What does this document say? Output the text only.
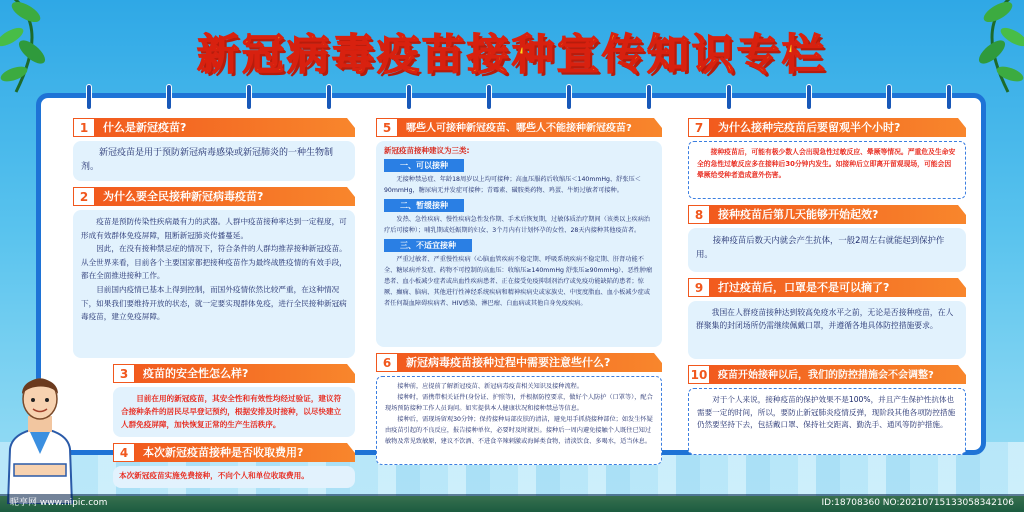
新冠病毒疫苗接种宣传知识专栏
1	什么是新冠疫苗?

新冠疫苗是用于预防新冠病毒感染或新冠肺炎的一种生物制剂。

2	为什么要全民接种新冠病毒疫苗?

疫苗是预防传染性疾病最有力的武器。人群中疫苗接种率达到一定程度，可形成有效群体免疫屏障，阻断新冠肺炎传播蔓延。

因此，在没有接种禁忌症的情况下，符合条件的人群均推荐接种新冠疫苗。从全世界来看，目前各个主要国家都把接种疫苗作为最终战胜疫情的有效手段，都在全面推进接种工作。

目前国内疫情已基本上得到控制，而国外疫情依然比较严重，在这种情况下，如果我们要维持开放的状态，就一定要实现群体免疫，进行全民接种新冠病毒疫苗，建立免疫屏障。

3	疫苗的安全性怎么样?

目前在用的新冠疫苗，其安全性和有效性均经过验证，建议符合接种条件的居民尽早登记预约，根据安排及时接种，以尽快建立人群免疫屏障，加快恢复正常的生产生活秩序。

4	本次新冠疫苗接种是否收取费用?
本次新冠疫苗实施免费接种，不向个人和单位收取费用。
5	哪些人可接种新冠疫苗、哪些人不能接种新冠疫苗?
新冠疫苗接种建议为三类:
一、可以接种

无接种禁忌症、年龄18周岁以上均可接种；高血压服药后收缩压＜140mmHg、舒张压＜90mmHg，糖尿病无并发症可接种；青霉素、磺胺类药物、鸡蛋、牛奶过敏者可接种。

二、暂缓接种

发热、急性疾病、慢性疾病急性发作期、手术后恢复期，过敏体质治疗期间（该类以上疾病治疗后可接种）；哺乳期或妊娠期的妇女、3个月内有计划怀孕的女性、28天内接种其他疫苗者。

三、不适宜接种

严重过敏者、严重慢性疾病（心脑血管疾病不稳定期、呼吸系统疾病不稳定期、肝肾功能不全、糖尿病并发症、药物不可控制的高血压：收缩压≥140mmHg 舒张压≥90mmHg）、恶性肿瘤患者、血小板减少症者或出血性疾病患者、正在接受免疫抑制剂治疗或免疫功能缺陷的患者；惊厥、癫痫、脑病、其他进行性神经系统疾病和精神疾病史或家族史、中度度脂血、血小板减少症或者任何凝血障碍疾病者、HIV感染、淋巴瘤、白血病或其他自身免疫疾病。

6	新冠病毒疫苗接种过程中需要注意些什么?

接种前，应提前了解新冠疫苗、新冠病毒疫苗相关知识及接种流程。

接种时，需携带相关证件(身份证、护照等)，并根据防控要求，做好个人防护（口罩等），配合现场预防接种工作人员询问。如实提供本人健康状况和接种禁忌等信息。

接种后，需现场留观30分钟；保持接种局部皮肤的清洁，避免用手抓挠接种部位；如发生怀疑由疫苗引起的不良反应，报告接种单位，必要时及时就医。接种后一周内避免接触个人既往已知过敏物及常见致敏原，建议不饮酒、不进食辛辣刺激或海鲜类食物，清淡饮食、多喝水，适当休息。

7	为什么接种完疫苗后要留观半个小时?

接种疫苗后，可能有极少数人会出现急性过敏反应、晕厥等情况。严重危及生命安全的急性过敏反应多在接种后30分钟内发生。如接种后立即离开留观现场，可能会因晕厥给受种者造成意外伤害。

8	接种疫苗后第几天能够开始起效?

接种疫苗后数天内就会产生抗体，一般2周左右就能起到保护作用。

9	打过疫苗后，口罩是不是可以摘了?

我国在人群疫苗接种达到较高免疫水平之前，无论是否接种疫苗，在人群聚集的封闭场所仍需继续佩戴口罩，并遵循各地具体防控措施要求。

10 疫苗开始接种以后，我们的防控措施会不会调整?

对于个人来说，接种疫苗的保护效果不是100%，并且产生保护性抗体也需要一定的时间，所以，要防止新冠肺炎疫情反弹，现阶段其他各项防控措施仍然要坚持下去，包括戴口罩、保持社交距离、勤洗手、通风等防护措施。

昵享网 www.nipic.com	ID:18708360 NO:20210715133058342106
